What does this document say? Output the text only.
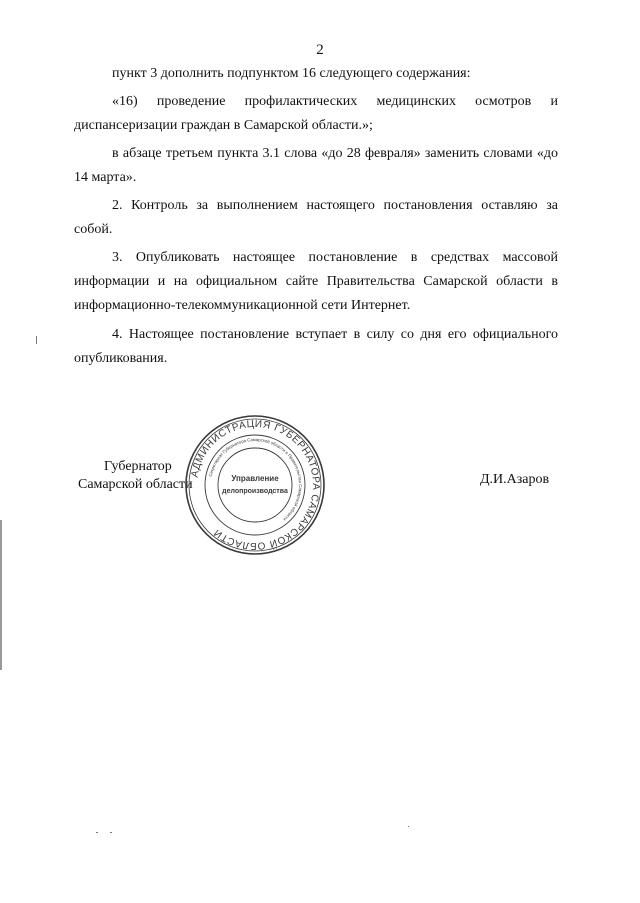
2

пункт 3 дополнить подпунктом 16 следующего содержания:

«16) проведение профилактических медицинских осмотров и диспансеризации граждан в Самарской области.»;

в абзаце третьем пункта 3.1 слова «до 28 февраля» заменить словами «до 14 марта».

2. Контроль за выполнением настоящего постановления оставляю за собой.

3. Опубликовать настоящее постановление в средствах массовой информации и на официальном сайте Правительства Самарской области в информационно-телекоммуникационной сети Интернет.

4. Настоящее постановление вступает в силу со дня его официального опубликования.

Губернатор
Самарской области
АДМИНИСТРАЦИЯ ГУБЕРНАТОРА САМАРСКОЙ ОБЛАСТИ
Секретариат Губернатора Самарской области и Правительства Самарской области
Управление
делопроизводства
Д.И.Азаров
